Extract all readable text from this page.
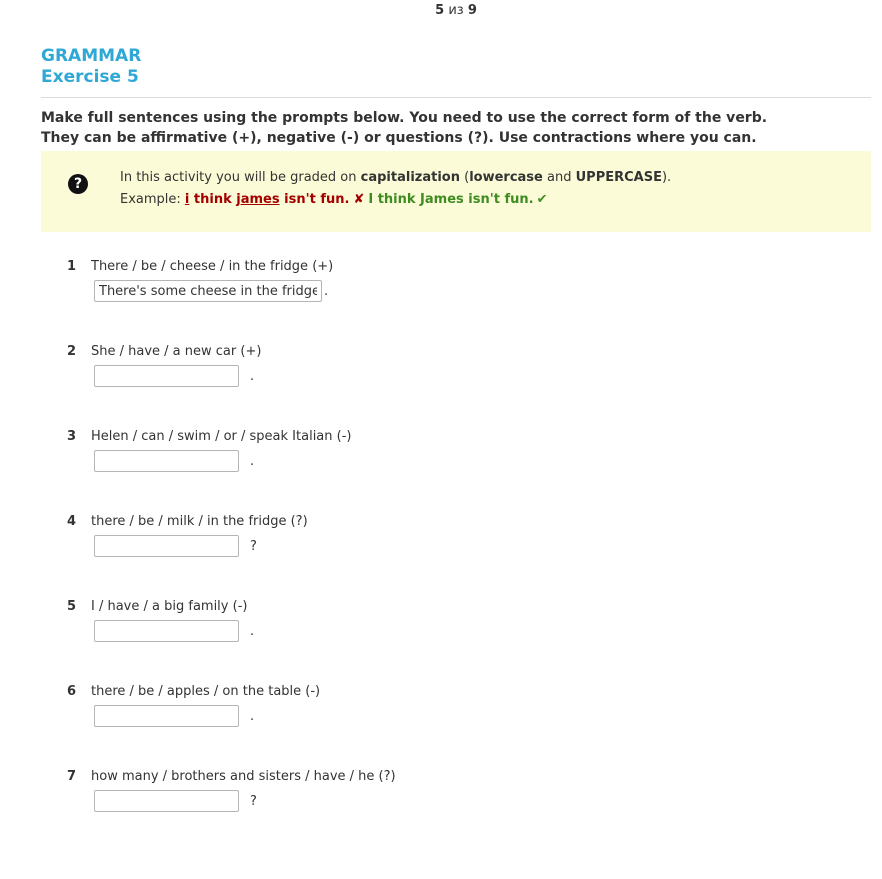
5 из 9
GRAMMAR
Exercise 5
Make full sentences using the prompts below. You need to use the correct form of the verb.
They can be affirmative (+), negative (-) or questions (?). Use contractions where you can.
?	In this activity you will be graded on capitalization (lowercase and UPPERCASE).
Example: i think james isn't fun. ✘ I think James isn't fun. ✔
1 There / be / cheese / in the fridge (+)
There's some cheese in the fridge
.
2 She / have / a new car (+)
.
3 Helen / can / swim / or / speak Italian (-)
.
4 there / be / milk / in the fridge (?)
?
5 I / have / a big family (-)
.
6 there / be / apples / on the table (-)
.
7 how many / brothers and sisters / have / he (?)
?
